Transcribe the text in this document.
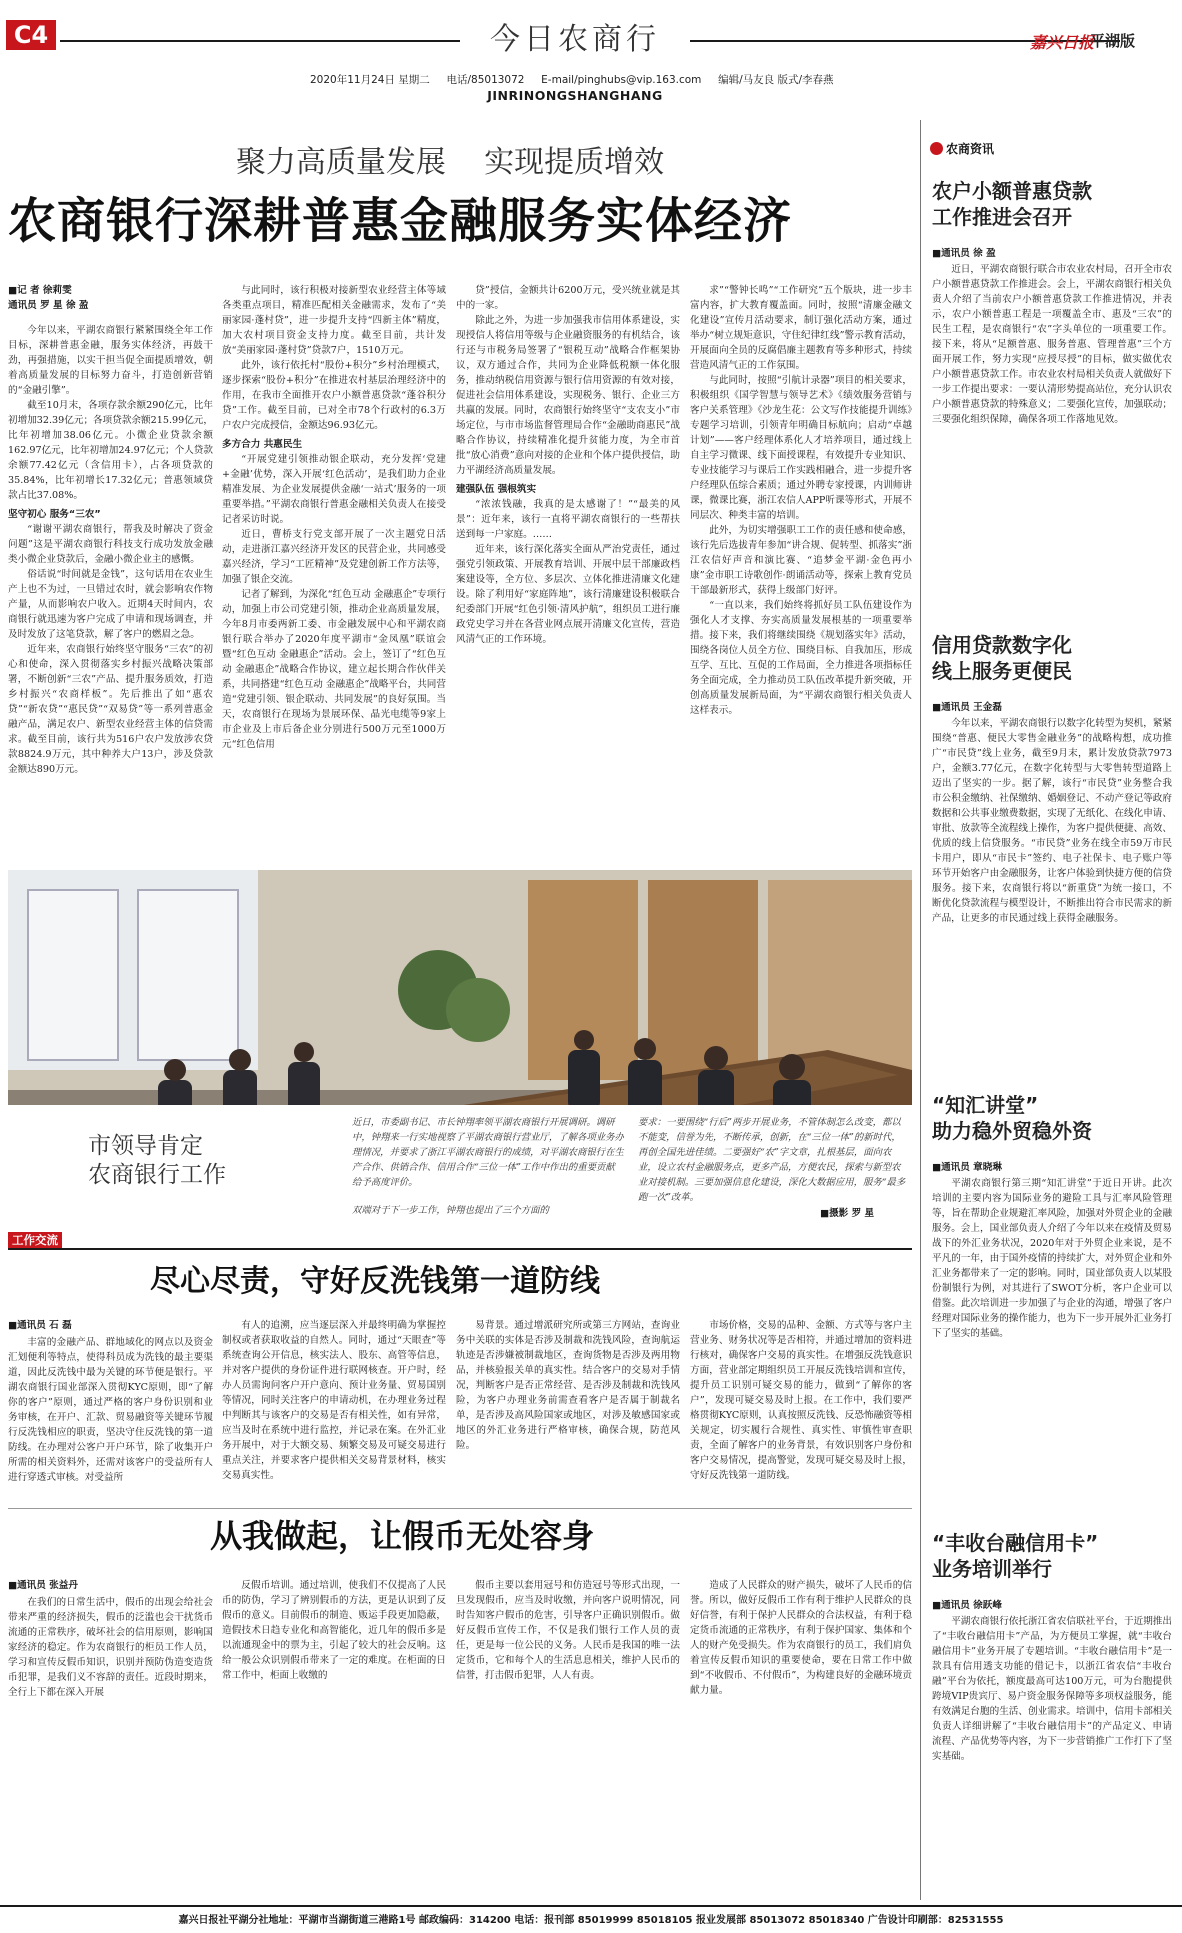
C4	今日农商行	嘉兴日报
平湖版
2020年11月24日 星期二 电话/85013072 E-mail/pinghubs@vip.163.com 编辑/马友良 版式/李春燕
JINRINONGSHANGHANG
聚力高质量发展    实现提质增效
农商银行深耕普惠金融服务实体经济
■记 者 徐莉雯
通讯员 罗 星 徐 盈

今年以来，平湖农商银行紧紧围绕全年工作目标，深耕普惠金融，服务实体经济，再鼓干劲，再强措施，以实干担当促全面提质增效，朝着高质量发展的目标努力奋斗，打造创新营销的“金融引擎”。

截至10月末，各项存款余额290亿元，比年初增加32.39亿元；各项贷款余额215.99亿元，比年初增加38.06亿元。小微企业贷款余额162.97亿元，比年初增加24.97亿元；个人贷款余额77.42亿元（含信用卡），占各项贷款的35.84%，比年初增长17.32亿元；普惠领域贷款占比37.08%。

坚守初心 服务“三农”

“谢谢平湖农商银行，帮我及时解决了资金问题”这是平湖农商银行科技支行成功发放金融类小微企业贷款后，金融小微企业主的感慨。

俗话说“时间就是金钱”，这句话用在农业生产上也不为过，一旦错过农时，就会影响农作物产量，从而影响农户收入。近期4天时间内，农商银行就迅速为客户完成了申请和现场调查，并及时发放了这笔贷款，解了客户的燃眉之急。

近年来，农商银行始终坚守服务“三农”的初心和使命，深入贯彻落实乡村振兴战略决策部署，不断创新“三农”产品、提升服务质效，打造乡村振兴“农商样板”。先后推出了如“惠农贷”“新农贷”“惠民贷”“双易贷”等一系列普惠金融产品，满足农户、新型农业经营主体的信贷需求。截至目前，该行共为516户农户发放涉农贷款8824.9万元，其中种养大户13户，涉及贷款金额达890万元。

与此同时，该行积极对接新型农业经营主体等域各类重点项目，精准匹配相关金融需求，发布了“美丽家园·蓬村贷”，进一步提升支持“四新主体”精度，加大农村项目资金支持力度。截至目前，共计发放“美丽家园·蓬村贷”贷款7户，1510万元。

此外，该行依托村“股份+积分”乡村治理模式，逐步探索“股份+积分”在推进农村基层治理经济中的作用，在我市全面推开农户小额普惠贷款“蓬谷积分贷”工作。截至目前，已对全市78个行政村的6.3万户农户完成授信，金额达96.93亿元。

多方合力 共惠民生

“开展党建引领推动银企联动，充分发挥‘党建+金融’优势，深入开展‘红色活动’，是我们助力企业精准发展、为企业发展提供金融‘一站式’服务的一项重要举措。”平湖农商银行普惠金融相关负责人在接受记者采访时说。

近日，曹桥支行党支部开展了一次主题党日活动，走进浙江嘉兴经济开发区的民营企业，共同感受嘉兴经济，学习“工匠精神”及党建创新工作方法等，加强了银企交流。

记者了解到，为深化“红色互动 金融惠企”专项行动，加强上市公司党建引领，推动企业高质量发展，今年8月市委两新工委、市金融发展中心和平湖农商银行联合举办了2020年度平湖市“金凤凰”联谊会暨“红色互动 金融惠企”活动。会上，签订了“红色互动 金融惠企”战略合作协议，建立起长期合作伙伴关系，共同搭建“红色互动 金融惠企”战略平台，共同营造“党建引领、银企联动、共同发展”的良好氛围。当天，农商银行在现场为景展环保、晶光电缆等9家上市企业及上市后备企业分别进行500万元至1000万元“红色信用

贷”授信，金额共计6200万元，受兴统业就是其中的一家。

除此之外，为进一步加强我市信用体系建设，实现授信人将信用等级与企业融资服务的有机结合，该行还与市税务局签署了“银税互动”战略合作框架协议，双方通过合作，共同为企业降低税额一体化服务，推动纳税信用资源与银行信用资源的有效对接，促进社会信用体系建设，实现税务、银行、企业三方共赢的发展。同时，农商银行始终坚守“支农支小”市场定位，与市市场监督管理局合作“金融助商惠民”战略合作协议，持续精准化提升贫能力度，为全市首批“放心消费”意向对接的企业和个体户提供授信，助力平湖经济高质量发展。

建强队伍 强根筑实

“浓浓钱融，我真的是太感谢了！”“最美的风景”：近年来，该行一直将平湖农商银行的一些帮扶送到每一户家庭。……

近年来，该行深化落实全面从严治党责任，通过强党引领政策、开展教育培训、开展中层干部廉政档案建设等，全方位、多层次、立体化推进清廉文化建设。除了利用好“家庭阵地”，该行清廉建设积极联合纪委部门开展“红色引领·清风护航”，组织员工进行廉政党史学习并在各营业网点展开清廉文化宣传，营造风清气正的工作环境。

求”“警钟长鸣”“工作研究”五个版块，进一步丰富内容，扩大教育覆盖面。同时，按照“清廉金融文化建设”宣传月活动要求，制订强化活动方案，通过举办“树立规矩意识，守住纪律红线”警示教育活动，开展面向全员的反腐倡廉主题教育等多种形式，持续营造风清气正的工作氛围。

与此同时，按照“引航计录器”项目的相关要求，积极组织《国学智慧与领导艺术》《绩效服务营销与客户关系管理》《沙龙生花：公文写作技能提升训练》专题学习培训，引领青年明确目标航向；启动“卓越计划”——客户经理体系化人才培养项目，通过线上自主学习微课、线下面授课程，有效提升专业知识、专业技能学习与课后工作实践相融合，进一步提升客户经理队伍综合素质；通过外聘专家授课，内训师讲课，微课比赛，浙江农信人APP听课等形式，开展不同层次、种类丰富的培训。

此外，为切实增强职工工作的责任感和使命感，该行先后选拔青年参加“讲合规、促转型、抓落实”浙江农信好声音和演比赛、“追梦金平湖·金色再小康”金市职工诗歌创作·朗诵活动等，探索上教育党员干部最新形式，获得上级部门好评。

“一直以来，我们始终将抓好员工队伍建设作为强化人才支撑、夯实高质量发展根基的一项重要举措。接下来，我们将继续围绕《规划落实年》活动，围绕各岗位人员全方位、围绕目标、自我加压，形成互学、互比、互促的工作局面，全力推进各项指标任务全面完成，全力推动员工队伍改革提升新突破，开创高质量发展新局面，为“平湖农商银行相关负责人这样表示。

市领导肯定
农商银行工作
近日，市委副书记、市长钟翔率领平湖农商银行开展调研。调研中，钟翔来一行实地视察了平湖农商银行营业厅，了解各项业务办理情况，并要求了浙江平湖农商银行的成绩，对平湖农商银行在生产合作、供销合作、信用合作“三位一体”工作中作出的重要贡献给予高度评价。
要求：一要围绕“行后”两步开展业务，不管体制怎么改变，都以不能变，信誉为先，不断传承，创新，在“三位一体”的新时代，再创全国先进佳绩。二要强好“农”字文章，扎根基层，面向农业，设立农村金融服务点，更多产品，方便农民，探索与新型农业对接机制。三要加强信息化建设，深化大数据应用，服务“最多跑一次”改革。
双端对于下一步工作，钟翔也提出了三个方面的	■摄影 罗 星
工作交流
尽心尽责，守好反洗钱第一道防线
■通讯员 石 磊

丰富的金融产品、群地域化的网点以及资金汇划便利等特点，使得科员成为洗钱的最主要渠道，因此反洗钱中最为关键的环节便是银行。平湖农商银行国业部深入贯彻KYC原则，即“了解你的客户”原则，通过严格的客户身份识别和业务审核，在开户、汇款、贸易融资等关键环节履行反洗钱相应的职责，坚决守住反洗钱的第一道防线。在办理对公客户开户环节，除了收集开户所需的相关资料外，还需对该客户的受益所有人进行穿透式审核。对受益所

有人的追溯，应当逐层深入并最终明确为掌握控制权或者获取收益的自然人。同时，通过“天眼查”等系统查询公开信息，核实法人、股东、高管等信息，并对客户提供的身份证件进行联网核查。开户时，经办人员需询问客户开户意向、预计业务量、贸易国别等情况，同时关注客户的申请动机，在办理业务过程中判断其与该客户的交易是否有相关性，如有异常，应当及时在系统中进行监控，并记录在案。在外汇业务开展中，对于大额交易、频繁交易及可疑交易进行重点关注，并要求客户提供相关交易背景材料，核实交易真实性。

易背景。通过增派研究所或第三方网站，查询业务中关联的实体是否涉及制裁和洗钱风险，查询航运轨迹是否涉嫌被制裁地区，查询货物是否涉及两用物品，并核验报关单的真实性。结合客户的交易对手情况，判断客户是否正常经营、是否涉及制裁和洗钱风险，为客户办理业务前需查看客户是否属于制裁名单，是否涉及高风险国家或地区，对涉及敏感国家或地区的外汇业务进行严格审核，确保合规，防范风险。

市场价格，交易的品种、金额、方式等与客户主营业务、财务状况等是否相符，并通过增加的资料进行核对，确保客户交易的真实性。在增强反洗钱意识方面，营业部定期组织员工开展反洗钱培训和宣传，提升员工识别可疑交易的能力，做到“了解你的客户”，发现可疑交易及时上报。在工作中，我们要严格贯彻KYC原则，认真按照反洗钱、反恐怖融资等相关规定，切实履行合规性、真实性、审慎性审查职责，全面了解客户的业务背景，有效识别客户身份和客户交易情况，提高警觉，发现可疑交易及时上报，守好反洗钱第一道防线。

从我做起，让假币无处容身
■通讯员 张益丹

在我们的日常生活中，假币的出现会给社会带来严重的经济损失，假币的泛滥也会干扰货币流通的正常秩序，破坏社会的信用原则，影响国家经济的稳定。作为农商银行的柜员工作人员，学习和宣传反假币知识，识别并预防伪造变造货币犯罪，是我们义不容辞的责任。近段时期来，全行上下都在深入开展

反假币培训。通过培训，使我们不仅提高了人民币的防伪，学习了辨别假币的方法，更是认识到了反假币的意义。目前假币的制造、贩运手段更加隐蔽，造假技术日趋专业化和高智能化，近几年的假币多是以流通现金中的票为主，引起了较大的社会反响。这给一般公众识别假币带来了一定的难度。在柜面的日常工作中，柜面上收缴的

假币主要以套用冠号和仿造冠号等形式出现，一旦发现假币，应当及时收缴，并向客户说明情况，同时告知客户假币的危害，引导客户正确识别假币。做好反假币宣传工作，不仅是我们银行工作人员的责任，更是每一位公民的义务。人民币是我国的唯一法定货币，它和每个人的生活息息相关，维护人民币的信誉，打击假币犯罪，人人有责。

造成了人民群众的财产损失，破坏了人民币的信誉。所以，做好反假币工作有利于维护人民群众的良好信誉，有利于保护人民群众的合法权益，有利于稳定货币流通的正常秩序，有利于保护国家、集体和个人的财产免受损失。作为农商银行的员工，我们肩负着宣传反假币知识的重要使命，要在日常工作中做到“不收假币、不付假币”，为构建良好的金融环境贡献力量。

农商资讯
农户小额普惠贷款
工作推进会召开
■通讯员 徐 盈

近日，平湖农商银行联合市农业农村局，召开全市农户小额普惠贷款工作推进会。会上，平湖农商银行相关负责人介绍了当前农户小额普惠贷款工作推进情况，并表示，农户小额普惠工程是一项覆盖全市、惠及“三农”的民生工程，是农商银行“农”字头单位的一项重要工作。接下来，将从“足额普惠、服务普惠、管理普惠”三个方面开展工作，努力实现“应授尽授”的目标，做实做优农户小额普惠贷款工作。市农业农村局相关负责人就做好下一步工作提出要求：一要认清形势提高站位，充分认识农户小额普惠贷款的特殊意义；二要强化宣传，加强联动；三要强化组织保障，确保各项工作落地见效。

信用贷款数字化
线上服务更便民
■通讯员 王金磊

今年以来，平湖农商银行以数字化转型为契机，紧紧围绕“普惠、便民大零售金融业务”的战略构想，成功推广“市民贷”线上业务，截至9月末，累计发放贷款7973户，金额3.77亿元，在数字化转型与大零售转型道路上迈出了坚实的一步。据了解，该行“市民贷”业务整合我市公积金缴纳、社保缴纳、婚姻登记、不动产登记等政府数据和公共事业缴费数据，实现了无纸化、在线化申请、审批、放款等全流程线上操作，为客户提供便捷、高效、优质的线上信贷服务。“市民贷”业务在线全市59万市民卡用户，即从“市民卡”签约、电子社保卡、电子账户等环节开始客户由金融服务，让客户体验到快捷方便的信贷服务。接下来，农商银行将以“新重贷”为统一接口，不断优化贷款流程与模型设计，不断推出符合市民需求的新产品，让更多的市民通过线上获得金融服务。

“知汇讲堂”
助力稳外贸稳外资
■通讯员 章晓琳

平湖农商银行第三期“知汇讲堂”于近日开讲。此次培训的主要内容为国际业务的避险工具与汇率风险管理等，旨在帮助企业规避汇率风险，加强对外贸企业的金融服务。会上，国业部负责人介绍了今年以来在疫情及贸易战下的外汇业务状况，2020年对于外贸企业来说，是不平凡的一年，由于国外疫情的持续扩大，对外贸企业和外汇业务都带来了一定的影响。同时，国业部负责人以某股份制银行为例，对其进行了SWOT分析，客户企业可以借鉴。此次培训进一步加强了与企业的沟通，增强了客户经理对国际业务的操作能力，也为下一步开展外汇业务打下了坚实的基础。

“丰收台融信用卡”
业务培训举行
■通讯员 徐跃峰

平湖农商银行依托浙江省农信联社平台，于近期推出了“丰收台融信用卡”产品，为方便员工掌握，就“丰收台融信用卡”业务开展了专题培训。“丰收台融信用卡”是一款具有信用透支功能的借记卡，以浙江省农信“丰收台融”平台为依托，额度最高可达100万元，可为台胞提供跨境VIP贵宾厅、易户资金服务保障等多项权益服务，能有效满足台胞的生活、创业需求。培训中，信用卡部相关负责人详细讲解了“丰收台融信用卡”的产品定义、申请流程、产品优势等内容，为下一步营销推广工作打下了坚实基础。

嘉兴日报社平湖分社地址：平湖市当湖街道三港路1号 邮政编码：314200 电话：报刊部 85019999 85018105 报业发展部 85013072 85018340 广告设计印刷部：82531555
